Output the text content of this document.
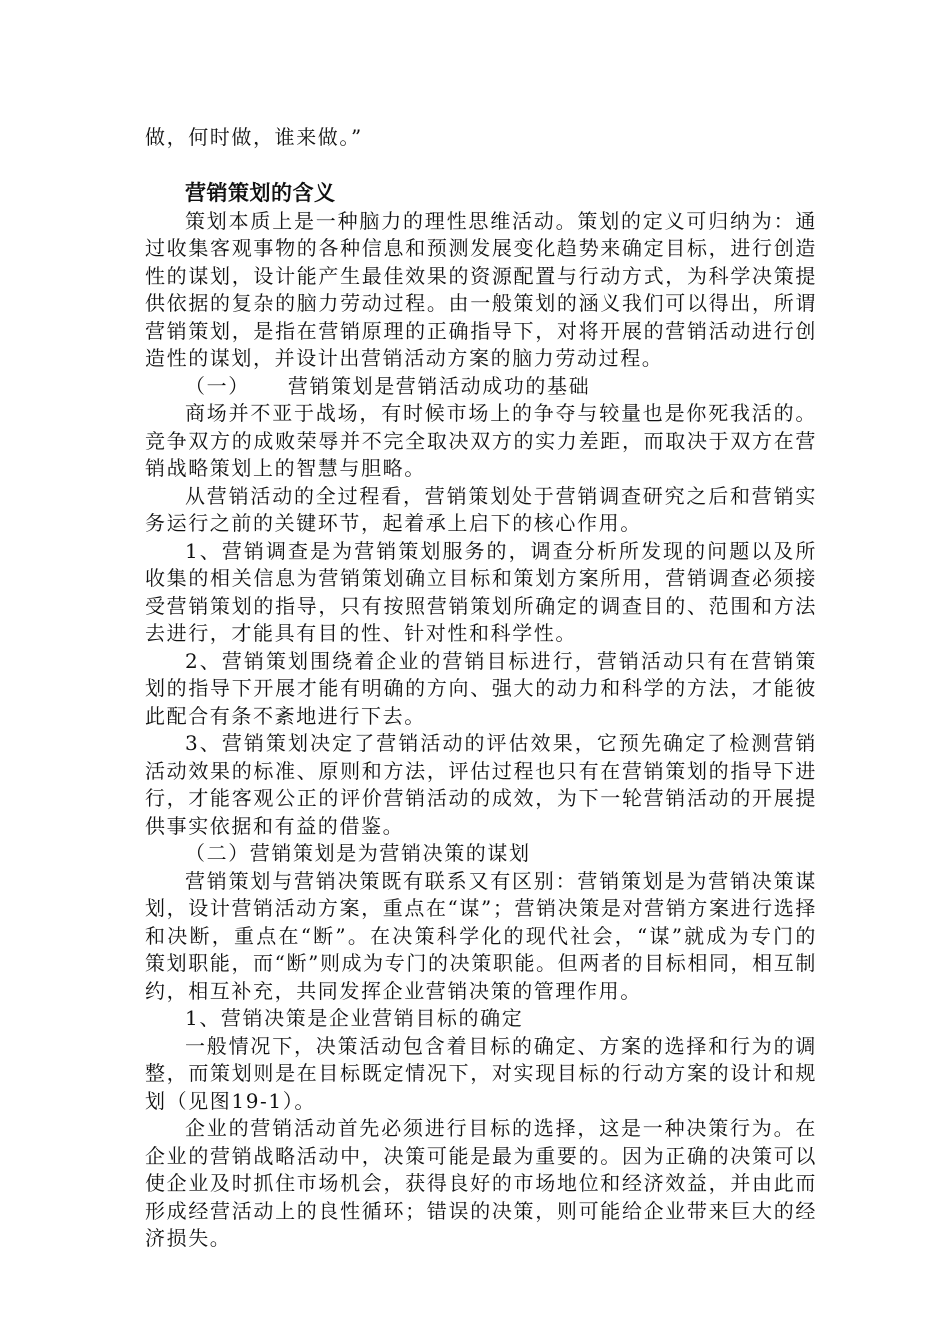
做，何时做，谁来做。”

营销策划的含义

策划本质上是一种脑力的理性思维活动。策划的定义可归纳为：通过收集客观事物的各种信息和预测发展变化趋势来确定目标，进行创造性的谋划，设计能产生最佳效果的资源配置与行动方式，为科学决策提供依据的复杂的脑力劳动过程。由一般策划的涵义我们可以得出，所谓营销策划，是指在营销原理的正确指导下，对将开展的营销活动进行创造性的谋划，并设计出营销活动方案的脑力劳动过程。

（一） 营销策划是营销活动成功的基础

商场并不亚于战场，有时候市场上的争夺与较量也是你死我活的。竞争双方的成败荣辱并不完全取决双方的实力差距，而取决于双方在营销战略策划上的智慧与胆略。

从营销活动的全过程看，营销策划处于营销调查研究之后和营销实务运行之前的关键环节，起着承上启下的核心作用。

1、营销调查是为营销策划服务的，调查分析所发现的问题以及所收集的相关信息为营销策划确立目标和策划方案所用，营销调查必须接受营销策划的指导，只有按照营销策划所确定的调查目的、范围和方法去进行，才能具有目的性、针对性和科学性。

2、营销策划围绕着企业的营销目标进行，营销活动只有在营销策划的指导下开展才能有明确的方向、强大的动力和科学的方法，才能彼此配合有条不紊地进行下去。

3、营销策划决定了营销活动的评估效果，它预先确定了检测营销活动效果的标准、原则和方法，评估过程也只有在营销策划的指导下进行，才能客观公正的评价营销活动的成效，为下一轮营销活动的开展提供事实依据和有益的借鉴。

（二）营销策划是为营销决策的谋划

营销策划与营销决策既有联系又有区别：营销策划是为营销决策谋划，设计营销活动方案，重点在“谋”；营销决策是对营销方案进行选择和决断，重点在“断”。在决策科学化的现代社会，“谋”就成为专门的策划职能，而“断”则成为专门的决策职能。但两者的目标相同，相互制约，相互补充，共同发挥企业营销决策的管理作用。

1、营销决策是企业营销目标的确定

一般情况下，决策活动包含着目标的确定、方案的选择和行为的调整，而策划则是在目标既定情况下，对实现目标的行动方案的设计和规划（见图19-1）。

企业的营销活动首先必须进行目标的选择，这是一种决策行为。在企业的营销战略活动中，决策可能是最为重要的。因为正确的决策可以使企业及时抓住市场机会，获得良好的市场地位和经济效益，并由此而形成经营活动上的良性循环；错误的决策，则可能给企业带来巨大的经济损失。
